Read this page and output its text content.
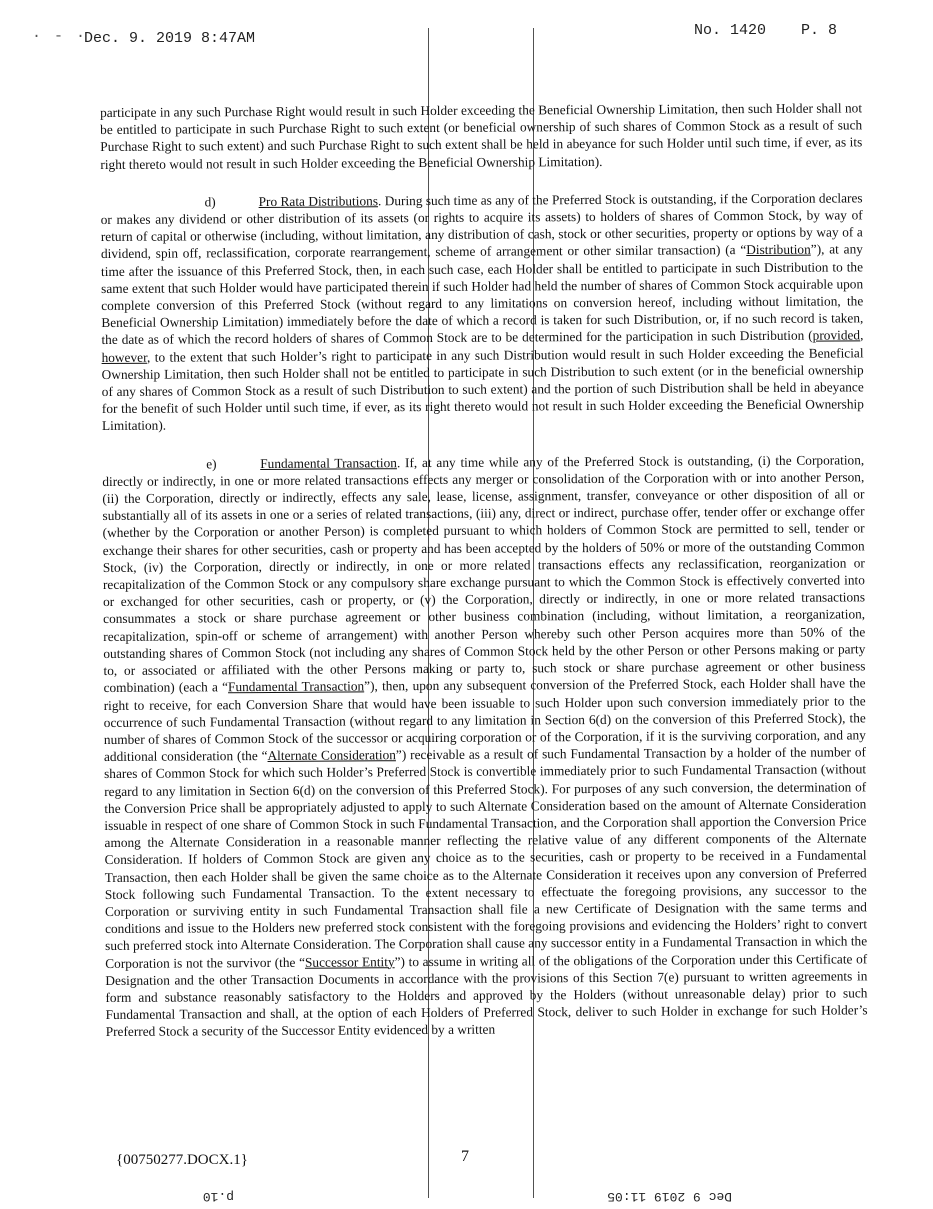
· - ·
Dec. 9. 2019 8:47AM	No. 1420 P. 8

participate in any such Purchase Right would result in such Holder exceeding the Beneficial Ownership Limitation, then such Holder shall not be entitled to participate in such Purchase Right to such extent (or beneficial ownership of such shares of Common Stock as a result of such Purchase Right to such extent) and such Purchase Right to such extent shall be held in abeyance for such Holder until such time, if ever, as its right thereto would not result in such Holder exceeding the Beneficial Ownership Limitation).

d)	Pro Rata Distributions. During such time as any of the Preferred Stock is outstanding, if the Corporation declares or makes any dividend or other distribution of its assets (or rights to acquire its assets) to holders of shares of Common Stock, by way of return of capital or otherwise (including, without limitation, any distribution of cash, stock or other securities, property or options by way of a dividend, spin off, reclassification, corporate rearrangement, scheme of arrangement or other similar transaction) (a “Distribution”), at any time after the issuance of this Preferred Stock, then, in each such case, each Holder shall be entitled to participate in such Distribution to the same extent that such Holder would have participated therein if such Holder had held the number of shares of Common Stock acquirable upon complete conversion of this Preferred Stock (without regard to any limitations on conversion hereof, including without limitation, the Beneficial Ownership Limitation) immediately before the date of which a record is taken for such Distribution, or, if no such record is taken, the date as of which the record holders of shares of Common Stock are to be determined for the participation in such Distribution (provided, however, to the extent that such Holder’s right to participate in any such Distribution would result in such Holder exceeding the Beneficial Ownership Limitation, then such Holder shall not be entitled to participate in such Distribution to such extent (or in the beneficial ownership of any shares of Common Stock as a result of such Distribution to such extent) and the portion of such Distribution shall be held in abeyance for the benefit of such Holder until such time, if ever, as its right thereto would not result in such Holder exceeding the Beneficial Ownership Limitation).

e)	Fundamental Transaction. If, at any time while any of the Preferred Stock is outstanding, (i) the Corporation, directly or indirectly, in one or more related transactions effects any merger or consolidation of the Corporation with or into another Person, (ii) the Corporation, directly or indirectly, effects any sale, lease, license, assignment, transfer, conveyance or other disposition of all or substantially all of its assets in one or a series of related transactions, (iii) any, direct or indirect, purchase offer, tender offer or exchange offer (whether by the Corporation or another Person) is completed pursuant to which holders of Common Stock are permitted to sell, tender or exchange their shares for other securities, cash or property and has been accepted by the holders of 50% or more of the outstanding Common Stock, (iv) the Corporation, directly or indirectly, in one or more related transactions effects any reclassification, reorganization or recapitalization of the Common Stock or any compulsory share exchange pursuant to which the Common Stock is effectively converted into or exchanged for other securities, cash or property, or (v) the Corporation, directly or indirectly, in one or more related transactions consummates a stock or share purchase agreement or other business combination (including, without limitation, a reorganization, recapitalization, spin-off or scheme of arrangement) with another Person whereby such other Person acquires more than 50% of the outstanding shares of Common Stock (not including any shares of Common Stock held by the other Person or other Persons making or party to, or associated or affiliated with the other Persons making or party to, such stock or share purchase agreement or other business combination) (each a “Fundamental Transaction”), then, upon any subsequent conversion of the Preferred Stock, each Holder shall have the right to receive, for each Conversion Share that would have been issuable to such Holder upon such conversion immediately prior to the occurrence of such Fundamental Transaction (without regard to any limitation in Section 6(d) on the conversion of this Preferred Stock), the number of shares of Common Stock of the successor or acquiring corporation or of the Corporation, if it is the surviving corporation, and any additional consideration (the “Alternate Consideration”) receivable as a result of such Fundamental Transaction by a holder of the number of shares of Common Stock for which such Holder’s Preferred Stock is convertible immediately prior to such Fundamental Transaction (without regard to any limitation in Section 6(d) on the conversion of this Preferred Stock). For purposes of any such conversion, the determination of the Conversion Price shall be appropriately adjusted to apply to such Alternate Consideration based on the amount of Alternate Consideration issuable in respect of one share of Common Stock in such Fundamental Transaction, and the Corporation shall apportion the Conversion Price among the Alternate Consideration in a reasonable manner reflecting the relative value of any different components of the Alternate Consideration. If holders of Common Stock are given any choice as to the securities, cash or property to be received in a Fundamental Transaction, then each Holder shall be given the same choice as to the Alternate Consideration it receives upon any conversion of Preferred Stock following such Fundamental Transaction. To the extent necessary to effectuate the foregoing provisions, any successor to the Corporation or surviving entity in such Fundamental Transaction shall file a new Certificate of Designation with the same terms and conditions and issue to the Holders new preferred stock consistent with the foregoing provisions and evidencing the Holders’ right to convert such preferred stock into Alternate Consideration. The Corporation shall cause any successor entity in a Fundamental Transaction in which the Corporation is not the survivor (the “Successor Entity”) to assume in writing all of the obligations of the Corporation under this Certificate of Designation and the other Transaction Documents in accordance with the provisions of this Section 7(e) pursuant to written agreements in form and substance reasonably satisfactory to the Holders and approved by the Holders (without unreasonable delay) prior to such Fundamental Transaction and shall, at the option of each Holders of Preferred Stock, deliver to such Holder in exchange for such Holder’s Preferred Stock a security of the Successor Entity evidenced by a written

{00750277.DOCX.1}	7
Dec 9 2019 11:05
p.10
